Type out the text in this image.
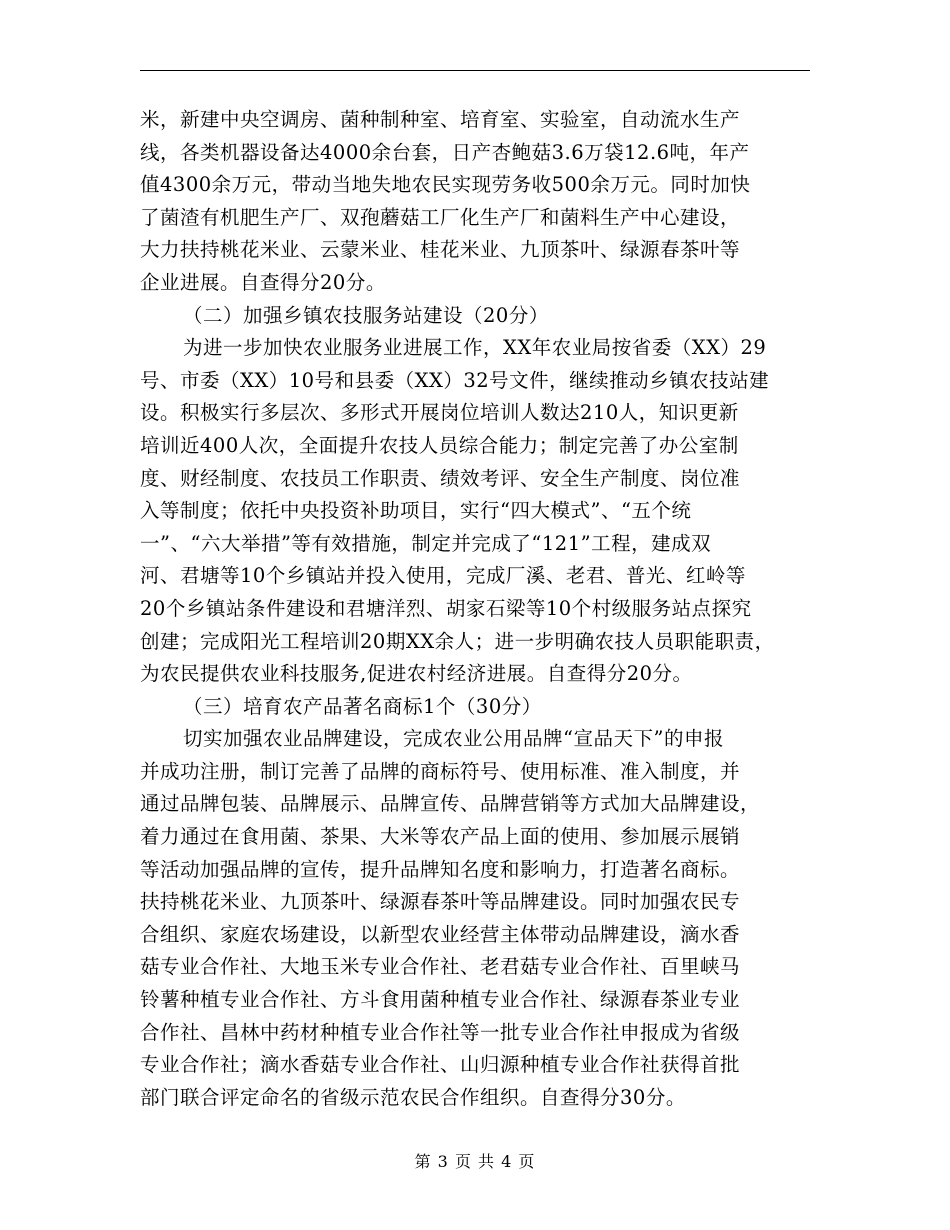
米，新建中央空调房、菌种制种室、培育室、实验室，自动流水生产
线，各类机器设备达4000余台套，日产杏鲍菇3.6万袋12.6吨，年产
值4300余万元，带动当地失地农民实现劳务收500余万元。同时加快
了菌渣有机肥生产厂、双孢蘑菇工厂化生产厂和菌料生产中心建设，
大力扶持桃花米业、云蒙米业、桂花米业、九顶茶叶、绿源春茶叶等
企业进展。自查得分20分。
（二）加强乡镇农技服务站建设（20分）
为进一步加快农业服务业进展工作，XX年农业局按省委（XX）29
号、市委（XX）10号和县委（XX）32号文件，继续推动乡镇农技站建
设。积极实行多层次、多形式开展岗位培训人数达210人，知识更新
培训近400人次，全面提升农技人员综合能力；制定完善了办公室制
度、财经制度、农技员工作职责、绩效考评、安全生产制度、岗位准
入等制度；依托中央投资补助项目，实行“四大模式”、“五个统
一”、“六大举措”等有效措施，制定并完成了“121”工程，建成双
河、君塘等10个乡镇站并投入使用，完成厂溪、老君、普光、红岭等
20个乡镇站条件建设和君塘洋烈、胡家石梁等10个村级服务站点探究
创建；完成阳光工程培训20期XX余人；进一步明确农技人员职能职责，
为农民提供农业科技服务,促进农村经济进展。自查得分20分。
（三）培育农产品著名商标1个（30分）
切实加强农业品牌建设，完成农业公用品牌“宣品天下”的申报
并成功注册，制订完善了品牌的商标符号、使用标准、准入制度，并
通过品牌包装、品牌展示、品牌宣传、品牌营销等方式加大品牌建设，
着力通过在食用菌、茶果、大米等农产品上面的使用、参加展示展销
等活动加强品牌的宣传，提升品牌知名度和影响力，打造著名商标。
扶持桃花米业、九顶茶叶、绿源春茶叶等品牌建设。同时加强农民专
合组织、家庭农场建设，以新型农业经营主体带动品牌建设，滴水香
菇专业合作社、大地玉米专业合作社、老君菇专业合作社、百里峡马
铃薯种植专业合作社、方斗食用菌种植专业合作社、绿源春茶业专业
合作社、昌林中药材种植专业合作社等一批专业合作社申报成为省级
专业合作社；滴水香菇专业合作社、山归源种植专业合作社获得首批
部门联合评定命名的省级示范农民合作组织。自查得分30分。
第 3 页 共 4 页
